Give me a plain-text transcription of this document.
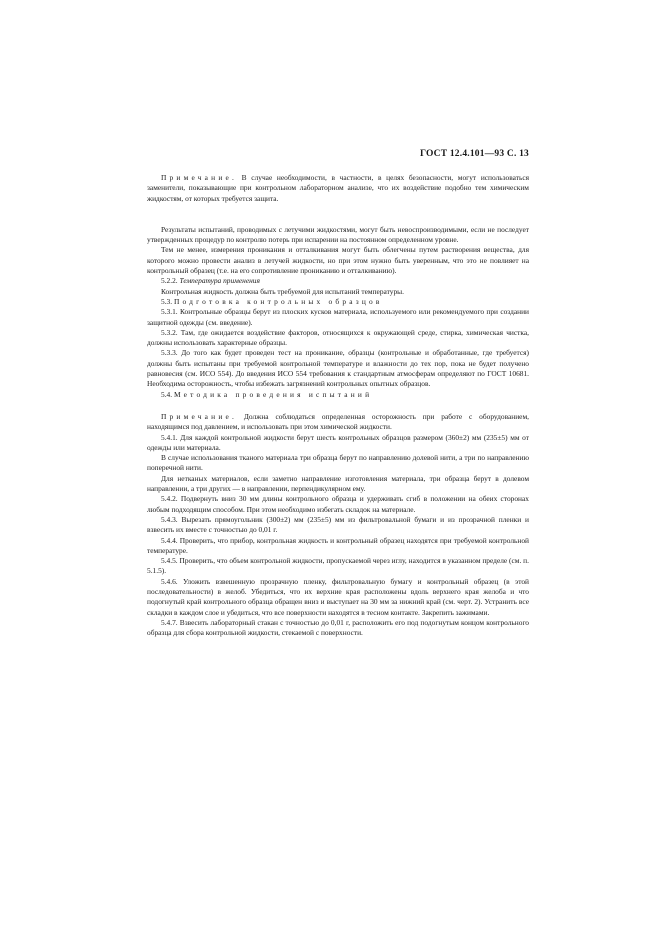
ГОСТ 12.4.101—93 С. 13

Примечание. В случае необходимости, в частности, в целях безопасности, могут использоваться заменители, показывающие при контрольном лабораторном анализе, что их воздействие подобно тем химическим жидкостям, от которых требуется защита.

Результаты испытаний, проводимых с летучими жидкостями, могут быть невоспроизводимыми, если не последует утвержденных процедур по контролю потерь при испарении на постоянном определенном уровне.

Тем не менее, измерения проникания и отталкивания могут быть облегчены путем растворения вещества, для которого можно провести анализ в летучей жидкости, но при этом нужно быть уверенным, что это не повлияет на контрольный образец (т.е. на его сопротивление прониканию и отталкиванию).

5.2.2. Температура применения

Контрольная жидкость должна быть требуемой для испытаний температуры.

5.3. Подготовка контрольных образцов

5.3.1. Контрольные образцы берут из плоских кусков материала, используемого или рекомендуемого при создании защитной одежды (см. введение).

5.3.2. Там, где ожидается воздействие факторов, относящихся к окружающей среде, стирка, химическая чистка, должны использовать характерные образцы.

5.3.3. До того как будет проведен тест на проникание, образцы (контрольные и обработанные, где требуется) должны быть испытаны при требуемой контрольной температуре и влажности до тех пор, пока не будет получено равновесия (см. ИСО 554). До введения ИСО 554 требования к стандартным атмосферам определяют по ГОСТ 10681. Необходима осторожность, чтобы избежать загрязнений контрольных опытных образцов.

5.4. Методика проведения испытаний

Примечание. Должна соблюдаться определенная осторожность при работе с оборудованием, находящимся под давлением, и использовать при этом химической жидкости.

5.4.1. Для каждой контрольной жидкости берут шесть контрольных образцов размером (360±2) мм (235±5) мм от одежды или материала.

В случае использования тканого материала три образца берут по направлению долевой нити, а три по направлению поперечной нити.

Для нетканых материалов, если заметно направление изготовления материала, три образца берут в долевом направлении, а три других — в направлении, перпендикулярном ему.

5.4.2. Подвернуть вниз 30 мм длины контрольного образца и удерживать сгиб в положении на обеих сторонах любым подходящим способом. При этом необходимо избегать складок на материале.

5.4.3. Вырезать прямоугольник (300±2) мм (235±5) мм из фильтровальной бумаги и из прозрачной пленки и взвесить их вместе с точностью до 0,01 г.

5.4.4. Проверить, что прибор, контрольная жидкость и контрольный образец находятся при требуемой контрольной температуре.

5.4.5. Проверить, что объем контрольной жидкости, пропускаемой через иглу, находится в указанном пределе (см. п. 5.1.5).

5.4.6. Уложить взвешенную прозрачную пленку, фильтровальную бумагу и контрольный образец (в этой последовательности) в желоб. Убедиться, что их верхние края расположены вдоль верхнего края желоба и что подогнутый край контрольного образца обращен вниз и выступает на 30 мм за нижний край (см. черт. 2). Устранить все складки в каждом слое и убедиться, что все поверхности находятся в тесном контакте. Закрепить зажимами.

5.4.7. Взвесить лабораторный стакан с точностью до 0,01 г, расположить его под подогнутым концом контрольного образца для сбора контрольной жидкости, стекаемой с поверхности.
